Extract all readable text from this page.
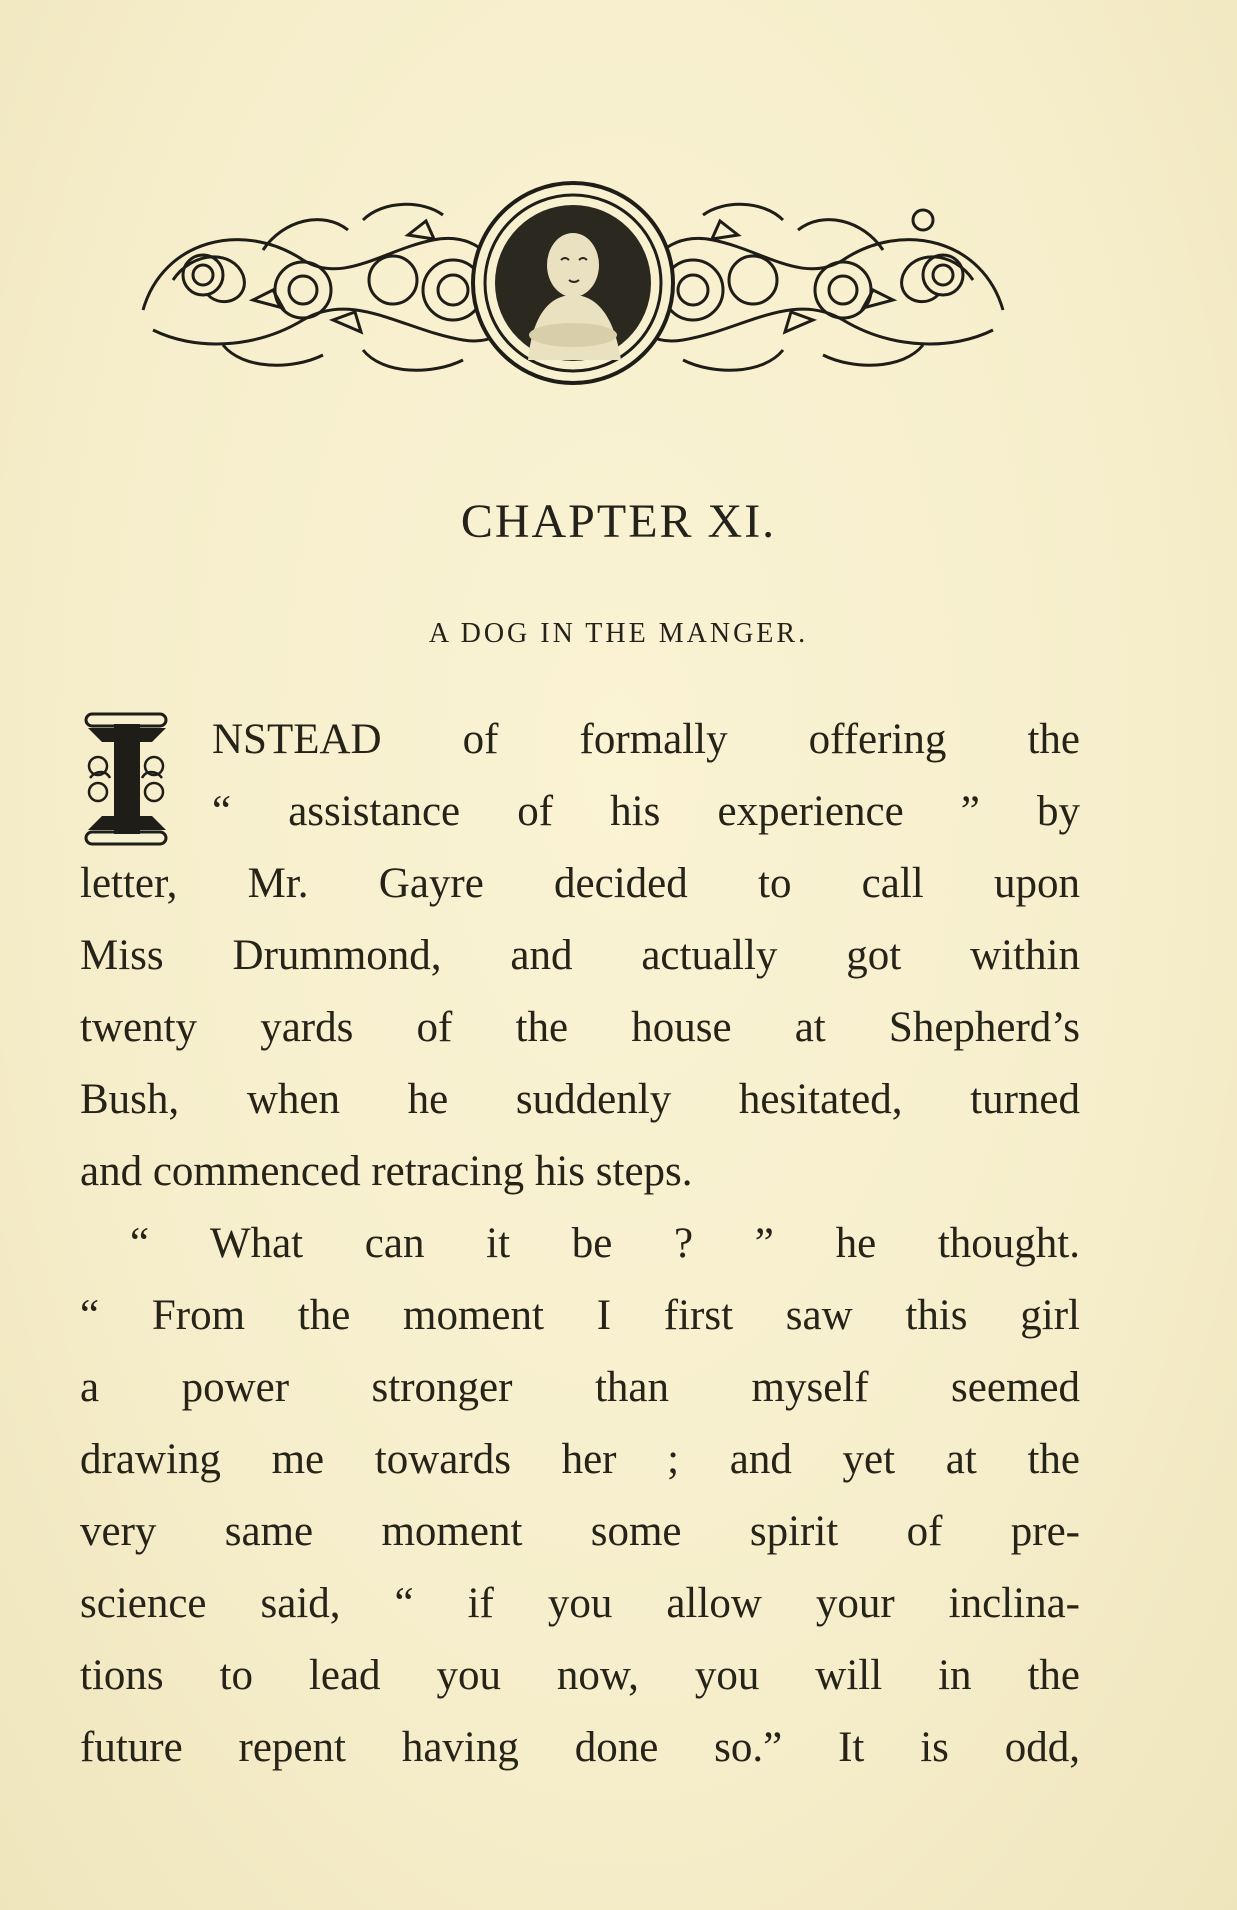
CHAPTER XI.
A DOG IN THE MANGER.
NSTEAD of formally offering the
“ assistance of his experience ” by
letter, Mr. Gayre decided to call upon
Miss Drummond, and actually got within
twenty yards of the house at Shepherd’s
Bush, when he suddenly hesitated, turned
and commenced retracing his steps.
“ What can it be ? ” he thought.
“ From the moment I first saw this girl
a power stronger than myself seemed
drawing me towards her ; and yet at the
very same moment some spirit of pre-
science said, “ if you allow your inclina-
tions to lead you now, you will in the
future repent having done so.” It is odd,
